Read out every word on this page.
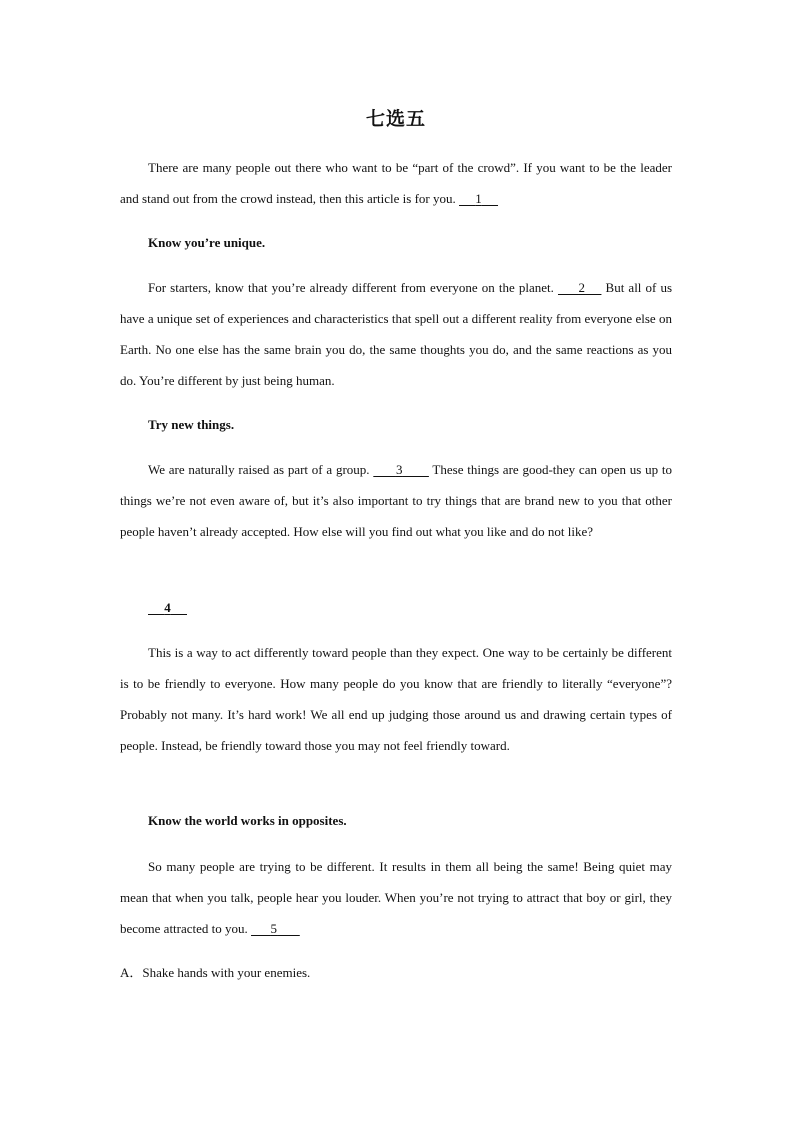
七选五

There are many people out there who want to be “part of the crowd”. If you want to be the leader and stand out from the crowd instead, then this article is for you.      1

Know you’re unique.

For starters, know that you’re already different from everyone on the planet.      2     But all of us have a unique set of experiences and characteristics that spell out a different reality from everyone else on Earth. No one else has the same brain you do, the same thoughts you do, and the same reactions as you do. You’re different by just being human.

Try new things.

We are naturally raised as part of a group.       3        These things are good-they can open us up to things we’re not even aware of, but it’s also important to try things that are brand new to you that other people haven’t already accepted. How else will you find out what you like and do not like?

4

This is a way to act differently toward people than they expect. One way to be certainly be different is to be friendly to everyone. How many people do you know that are friendly to literally “everyone”? Probably not many. It’s hard work! We all end up judging those around us and drawing certain types of people. Instead, be friendly toward those you may not feel friendly toward.

Know the world works in opposites.

So many people are trying to be different. It results in them all being the same! Being quiet may mean that when you talk, people hear you louder. When you’re not trying to attract that boy or girl, they become attracted to you.       5

A．Shake hands with your enemies.
